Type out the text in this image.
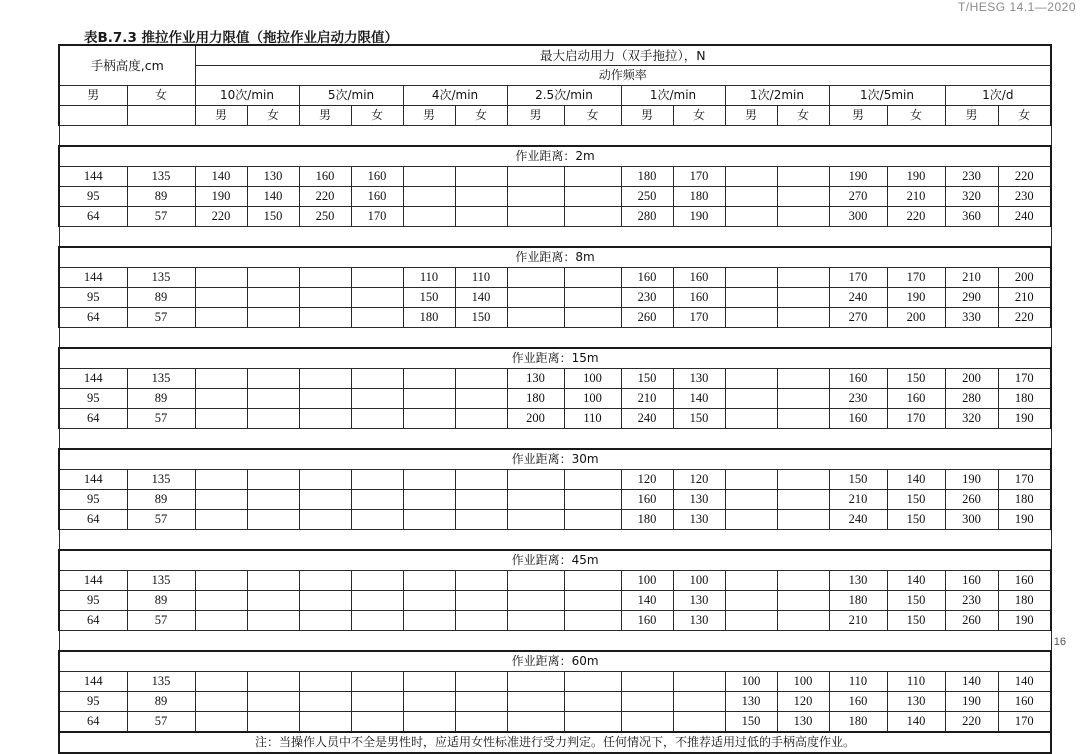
T/HESG 14.1—2020
表B.7.3 推拉作业用力限值（拖拉作业启动力限值）
手柄高度,cm		最大启动用力（双手拖拉），N															
		动作频率															
男	女	10次/min		5次/min		4次/min		2.5次/min		1次/min		1次/2min		1次/5min		1次/d	
		男	女	男	女	男	女	男	女	男	女	男	女	男	女	男	女

作业距离：2m																	
144	135	140	130	160	160					180	170			190	190	230	220
95	89	190	140	220	160					250	180			270	210	320	230
64	57	220	150	250	170					280	190			300	220	360	240

作业距离：8m																	
144	135					110	110			160	160			170	170	210	200
95	89					150	140			230	160			240	190	290	210
64	57					180	150			260	170			270	200	330	220

作业距离：15m																	
144	135							130	100	150	130			160	150	200	170
95	89							180	100	210	140			230	160	280	180
64	57							200	110	240	150			160	170	320	190

作业距离：30m																	
144	135									120	120			150	140	190	170
95	89									160	130			210	150	260	180
64	57									180	130			240	150	300	190

作业距离：45m																	
144	135									100	100			130	140	160	160
95	89									140	130			180	150	230	180
64	57									160	130			210	150	260	190

作业距离：60m																	
144	135											100	100	110	110	140	140
95	89											130	120	160	130	190	160
64	57											150	130	180	140	220	170
注：当操作人员中不全是男性时，应适用女性标准进行受力判定。任何情况下，不推荐适用过低的手柄高度作业。																	
16
